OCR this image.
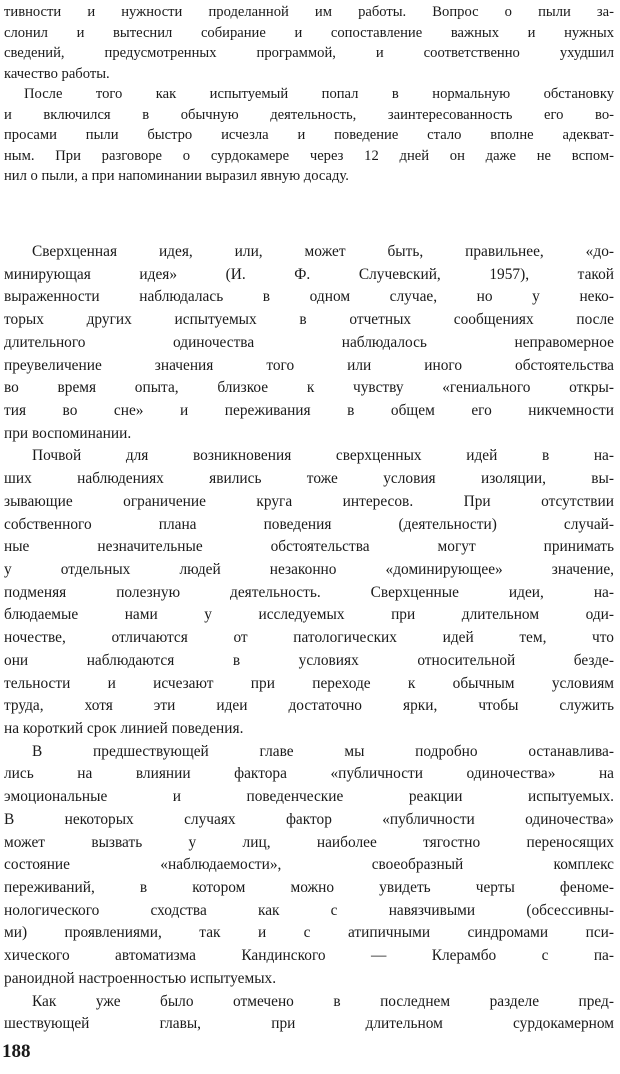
тивности и нужности проделанной им работы. Вопрос о пыли за-

слонил и вытеснил собирание и сопоставление важных и нужных

сведений, предусмотренных программой, и соответственно ухудшил

качество работы.

После того как испытуемый попал в нормальную обстановку

и включился в обычную деятельность, заинтересованность его во-

просами пыли быстро исчезла и поведение стало вполне адекват-

ным. При разговоре о сурдокамере через 12 дней он даже не вспом-

нил о пыли, а при напоминании выразил явную досаду.

Сверхценная идея, или, может быть, правильнее, «до-

минирующая идея» (И. Ф. Случевский, 1957), такой

выраженности наблюдалась в одном случае, но у неко-

торых других испытуемых в отчетных сообщениях после

длительного одиночества наблюдалось неправомерное

преувеличение значения того или иного обстоятельства

во время опыта, близкое к чувству «гениального откры-

тия во сне» и переживания в общем его никчемности

при воспоминании.

Почвой для возникновения сверхценных идей в на-

ших наблюдениях явились тоже условия изоляции, вы-

зывающие ограничение круга интересов. При отсутствии

собственного плана поведения (деятельности) случай-

ные незначительные обстоятельства могут принимать

у отдельных людей незаконно «доминирующее» значение,

подменяя полезную деятельность. Сверхценные идеи, на-

блюдаемые нами у исследуемых при длительном оди-

ночестве, отличаются от патологических идей тем, что

они наблюдаются в условиях относительной безде-

тельности и исчезают при переходе к обычным условиям

труда, хотя эти идеи достаточно ярки, чтобы служить

на короткий срок линией поведения.

В предшествующей главе мы подробно останавлива-

лись на влиянии фактора «публичности одиночества» на

эмоциональные и поведенческие реакции испытуемых.

В некоторых случаях фактор «публичности одиночества»

может вызвать у лиц, наиболее тягостно переносящих

состояние «наблюдаемости», своеобразный комплекс

переживаний, в котором можно увидеть черты феноме-

нологического сходства как с навязчивыми (обсессивны-

ми) проявлениями, так и с атипичными синдромами пси-

хического автоматизма Кандинского — Клерамбо с па-

раноидной настроенностью испытуемых.

Как уже было отмечено в последнем разделе пред-

шествующей главы, при длительном сурдокамерном

188
